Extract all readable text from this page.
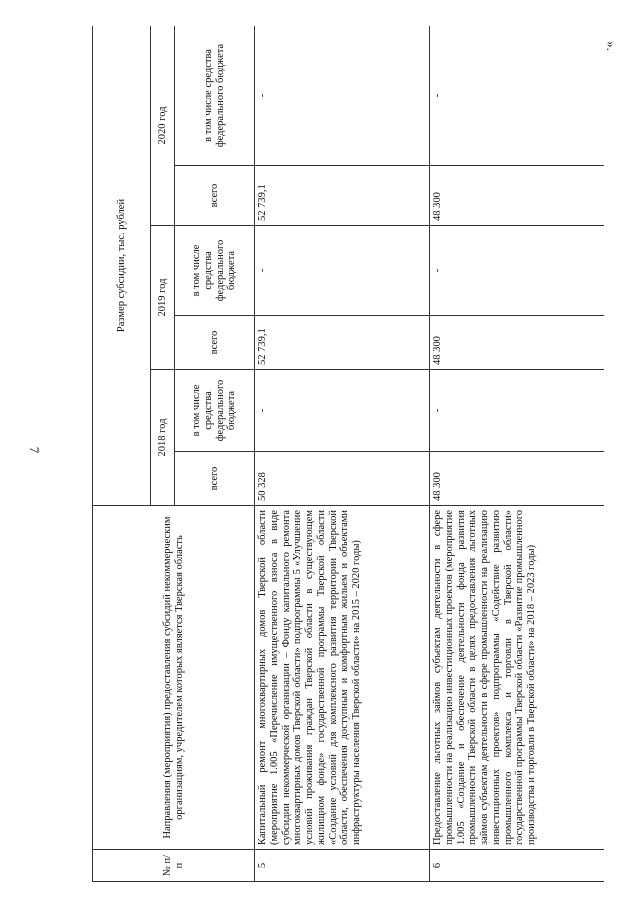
7
».
№ п/п	Направления (мероприятия) предоставления субсидий некоммерческим организациям, учредителем которых является Тверская область	Размер субсидии, тыс. рублей					
		2018 год		2019 год		2020 год	
		всего	в том числе средства федерального бюджета	всего	в том числе средства федерального бюджета	всего	в том числе средства федерального бюджета
5	Капитальный ремонт многоквартирных домов Тверской области (мероприятие 1.005 «Перечисление имущественного взноса в виде субсидии некоммерческой организации – Фонду капитального ремонта многоквартирных домов Тверской области» подпрограммы 5 «Улучшение условий проживания граждан Тверской области в существующем жилищном фонде» государственной программы Тверской области «Создание условий для комплексного развития территории Тверской области, обеспечения доступным и комфортным жильем и объектами инфраструктуры населения Тверской области» на 2015 – 2020 годы)	50 328	-	52 739,1	-	52 739,1	-
6	Предоставление льготных займов субъектам деятельности в сфере промышленности на реализацию инвестиционных проектов (мероприятие 1.005 «Создание и обеспечение деятельности фонда развития промышленности Тверской области в целях предоставления льготных займов субъектам деятельности в сфере промышленности на реализацию инвестиционных проектов» подпрограммы «Содействие развитию промышленного комплекса и торговли в Тверской области» государственной программы Тверской области «Развитие промышленного производства и торговли в Тверской области» на 2018 – 2023 годы)	48 300	-	48 300	-	48 300	-
